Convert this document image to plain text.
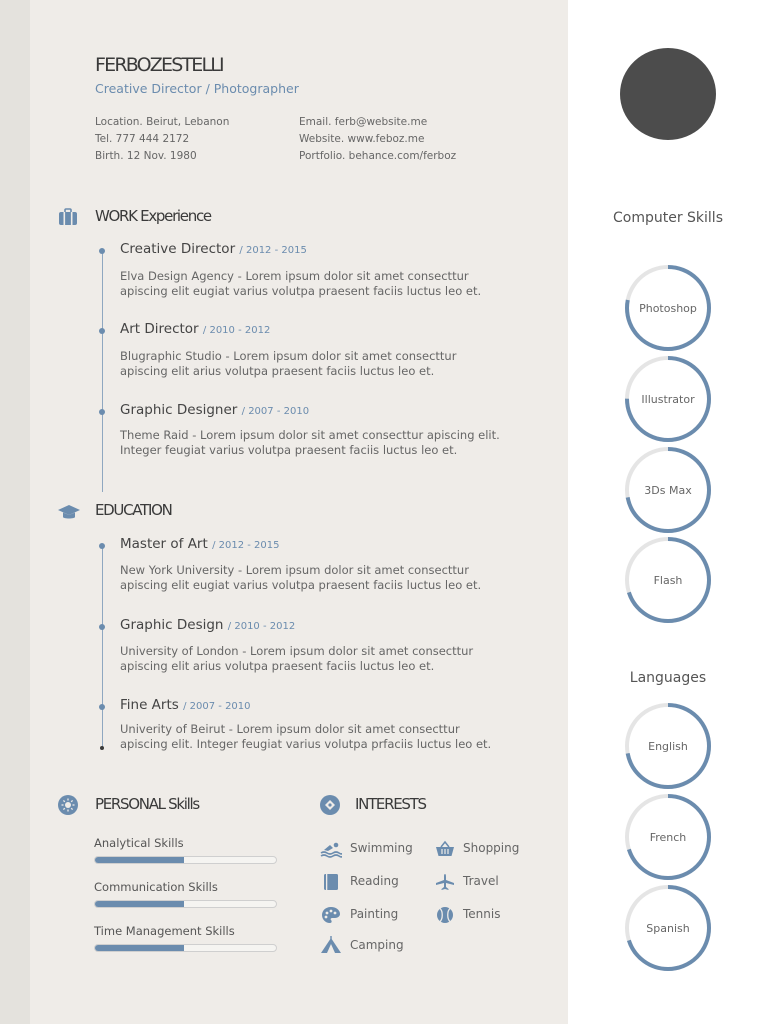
FERBOZESTELLI
Creative Director / Photographer
Location. Beirut, Lebanon
Tel. 777 444 2172
Birth. 12 Nov. 1980
Email. ferb@website.me
Website. www.feboz.me
Portfolio. behance.com/ferboz
WORK Experience
Creative Director / 2012 - 2015
Elva Design Agency - Lorem ipsum dolor sit amet consecttur apiscing elit eugiat varius volutpa praesent faciis luctus leo et.
Art Director / 2010 - 2012
Blugraphic Studio - Lorem ipsum dolor sit amet consecttur apiscing elit arius volutpa praesent faciis luctus leo et.
Graphic Designer / 2007 - 2010
Theme Raid - Lorem ipsum dolor sit amet consecttur apiscing elit. Integer feugiat varius volutpa praesent faciis luctus leo et.
EDUCATION
Master of Art / 2012 - 2015
New York University - Lorem ipsum dolor sit amet consecttur apiscing elit eugiat varius volutpa praesent faciis luctus leo et.
Graphic Design / 2010 - 2012
University of London - Lorem ipsum dolor sit amet consecttur apiscing elit arius volutpa praesent faciis luctus leo et.
Fine Arts / 2007 - 2010
Univerity of Beirut - Lorem ipsum dolor sit amet consecttur apiscing elit. Integer feugiat varius volutpa prfaciis luctus leo et.
PERSONAL Skills
Analytical Skills
Communication Skills
Time Management Skills
INTERESTS
Swimming	Shopping
Reading	Travel
Painting	Tennis
Camping
Computer Skills
Photoshop
Illustrator
3Ds Max
Flash
Languages
English
French
Spanish
